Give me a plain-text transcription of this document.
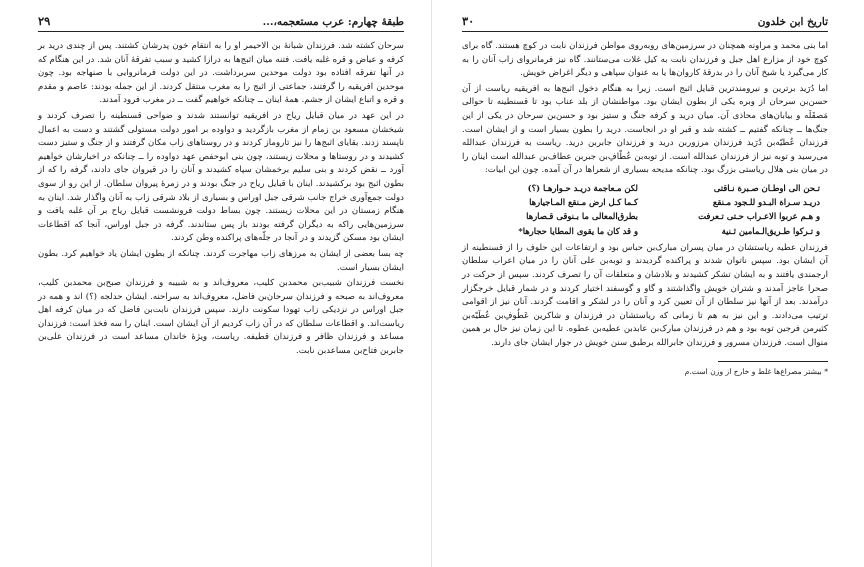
طبقهٔ چهارم: عرب مستعجمه،...
۲۹

سرحان کشته شد. فرزندان شبانهٔ بن الاحیمر او را به انتقام خون پدرشان کشتند. پس از چندی درید بر کرفه و عیاض و قره غلبه یافت. فتنه میان اثبج‌ها به درازا کشید و سبب تفرقهٔ آنان شد. در این هنگام که در آنها تفرقه افتاده بود دولت موحدین سربرداشت. در این دولت فرمانروایی با صنهاجه بود. چون موحدین افریقیه را گرفتند، جماعتی از اثبج را به مغرب منتقل کردند. از این جمله بودند: عاصم و مقدم و قره و اتباع ایشان از جشم. همهٔ اینان ــ چنانکه خواهیم گفت ــ در مغرب فرود آمدند.

در این عهد در میان قبایل ریاح در افریقیه توانستند شدند و ضواحی قسنطینه را تصرف کردند و شیخشان مسعود بن زمام از مغرب بازگردید و دواوده بر امور دولت مستولی گشتند و دست به اعمال ناپسند زدند. بقایای اثبج‌ها را نیز تاروماز کردند و در روستاهای زاب مکان گرفتند و از جنگ و ستیز دست کشیدند و در روستاها و محلات زیستند، چون بنی ابوحفص عهد دواوده را ــ چنانکه در اخبارشان خواهیم آورد ــ نقض کردند و بنی سلیم برخمشان سپاه کشیدند و آنان را در قیروان جای دادند، گرفه را که از بطون اثبج بود برکشیدند. اینان با قبایل ریاح در جنگ بودند و در زمرهٔ پیروان سلطان. از این رو از سوی دولت جمع‌آوری خراج جانب شرقی جبل اوراس و بسیاری از بلاد شرقی زاب به آنان واگذار شد. اینان به هنگام زمستان در این محلات زیستند. چون بساط دولت فرونشست قبایل ریاح بر آن غلبه یافت و سرزمین‌هایی راکه به دیگران گرفته بودند باز پس ستاندند. گرفه در جبل اوراس، آنجا که اقطاعات ایشان بود مسکن گزیدند و در آنجا در جلّه‌های پراکنده وطن کردند.

چه بسا بعضی از ایشان به مرزهای زاب مهاجرت کردند. چنانکه از بطون ایشان یاد خواهیم کرد. بطون ایشان بسیار است.

نخست فرزندان شبیب‌بن محمدبن کلیب، معروف‌اند و به شبیبه و فرزندان صبح‌بن محمدبن کلیب، معروف‌اند به صبحه و فرزندان سرحان‌بن فاضل، معروف‌اند به سراحنه. ایشان حدلجه (؟) اند و همه در جبل اوراس در نزدیکی زاب تهودا سکونت دارند. سپس فرزندان نابت‌بن فاضل که در میان کرفه اهل ریاست‌اند. و اقطاعات سلطان که در آن زاب کردیم از آن ایشان است. اینان را سه فخذ است: فرزندان مساعد و فرزندان ظافر و فرزندان قطیفه. ریاست، ویژهٔ خاندان مساعد است در فرزندان علی‌بن جابربن فتاح‌بن مساعدبن نابت.

تاریخ ابن خلدون
۳۰

اما بنی محمد و مراونه همچنان در سرزمین‌های روبه‌روی مواطن فرزندان نابت در کوچ هستند. گاه برای کوچ خود از مزارع اهل جبل و فرزندان نابت به کیل غلات می‌ستانند. گاه نیز فرمانروای زاب آنان را به کار می‌گیرد یا شیخ آنان را در بدرقهٔ کاروان‌ها یا به عنوان سپاهی و دیگر اغراض خویش.

اما دُرَید برترین و نیرومندترین قبایل اثبج است. زیرا به هنگام دخول اثبج‌ها به افریقیه ریاست از آن حسن‌بن سرحان از وبره یکی از بطون ایشان بود. مواطنشان از بلد عناب بود تا قسنطینه تا حوالی مَصقَلَه و بیابان‌های محاذی آن. میان درید و کرفه جنگ و ستیز بود و حسن‌بن سرحان در یکی از این جنگ‌ها ــ چنانکه گفتیم ــ کشته شد و قبر او در انجاست. درید را بطون بسیار است و از ایشان است. فرزندان عُطیّه‌بن دُرَید فرزندان مرزوربن درید و فرزندان جابربن درید. ریاست به فرزندان عبدالله می‌رسید و توبه نیز از فرزندان عبدالله است. از توبه‌بن عُطّافِ‌بن جبربن عطاف‌بن عبدالله است اینان را در میان بنی هلال ریاستی بزرگ بود. چنانکه مدیحه بسیاری از شعرا‌ها در آن آمده. چون این ابیات:

تـحن الی اوطـان صـبرة نـاقتی
لکن مـعاجمة دریـد حـوارهـا (؟)
دریـد سـراة البـدو للـجود مـنقع
کـما کـل ارض مـنقع المـاجیارها
و هـم عربوا الاعـراب حـتی تـعرفت
بطرق‌المعالی ما بـنوقی قـصارها
و تـرکوا طـریق‌الـمامین ثـنیة
و قد کان ما یقوی المطایا حجارها*

فرزندان عطیه ریاستشان در میان پسران مبارک‌بن حباس بود و ارتفاعات این حلوف را از قسنطینه از آن ایشان بود. سپس ناتوان شدند و پراکنده گردیدند و توبه‌بن علی آنان را در میان اعراب سلطان ارجمندی یافتند و به ایشان تشکر کشیدند و بلادشان و متعلقات آن را تصرف کردند. سپس از حرکت در صحرا عاجز آمدند و شتران خویش واگذاشتند و گاو و گوسفند اختیار کردند و در شمار قبایل خرجگزار درآمدند. بعد از آنها نیز سلطان از آن تعیین کرد و آنان را در لشکر و اقامت گردند. آنان نیز از اقوامی ترتیب می‌دادند. و این نیز به هم تا زمانی که ریاستشان در فرزندان و شاکرین عَطُوفِ‌بن عُطَیّه‌بن کثیرمن فرجین توبه بود و هم در فرزندان مبارک‌بن عابدبن عطیه‌بن عطوه. تا این زمان نیز حال بر همین منوال است. فرزندان مسرور و فرزندان جابرالله برطبق سنن خویش در جوار ایشان جای دارند.

* بیشتر مصراع‌ها غلط و خارج از وزن است.م
